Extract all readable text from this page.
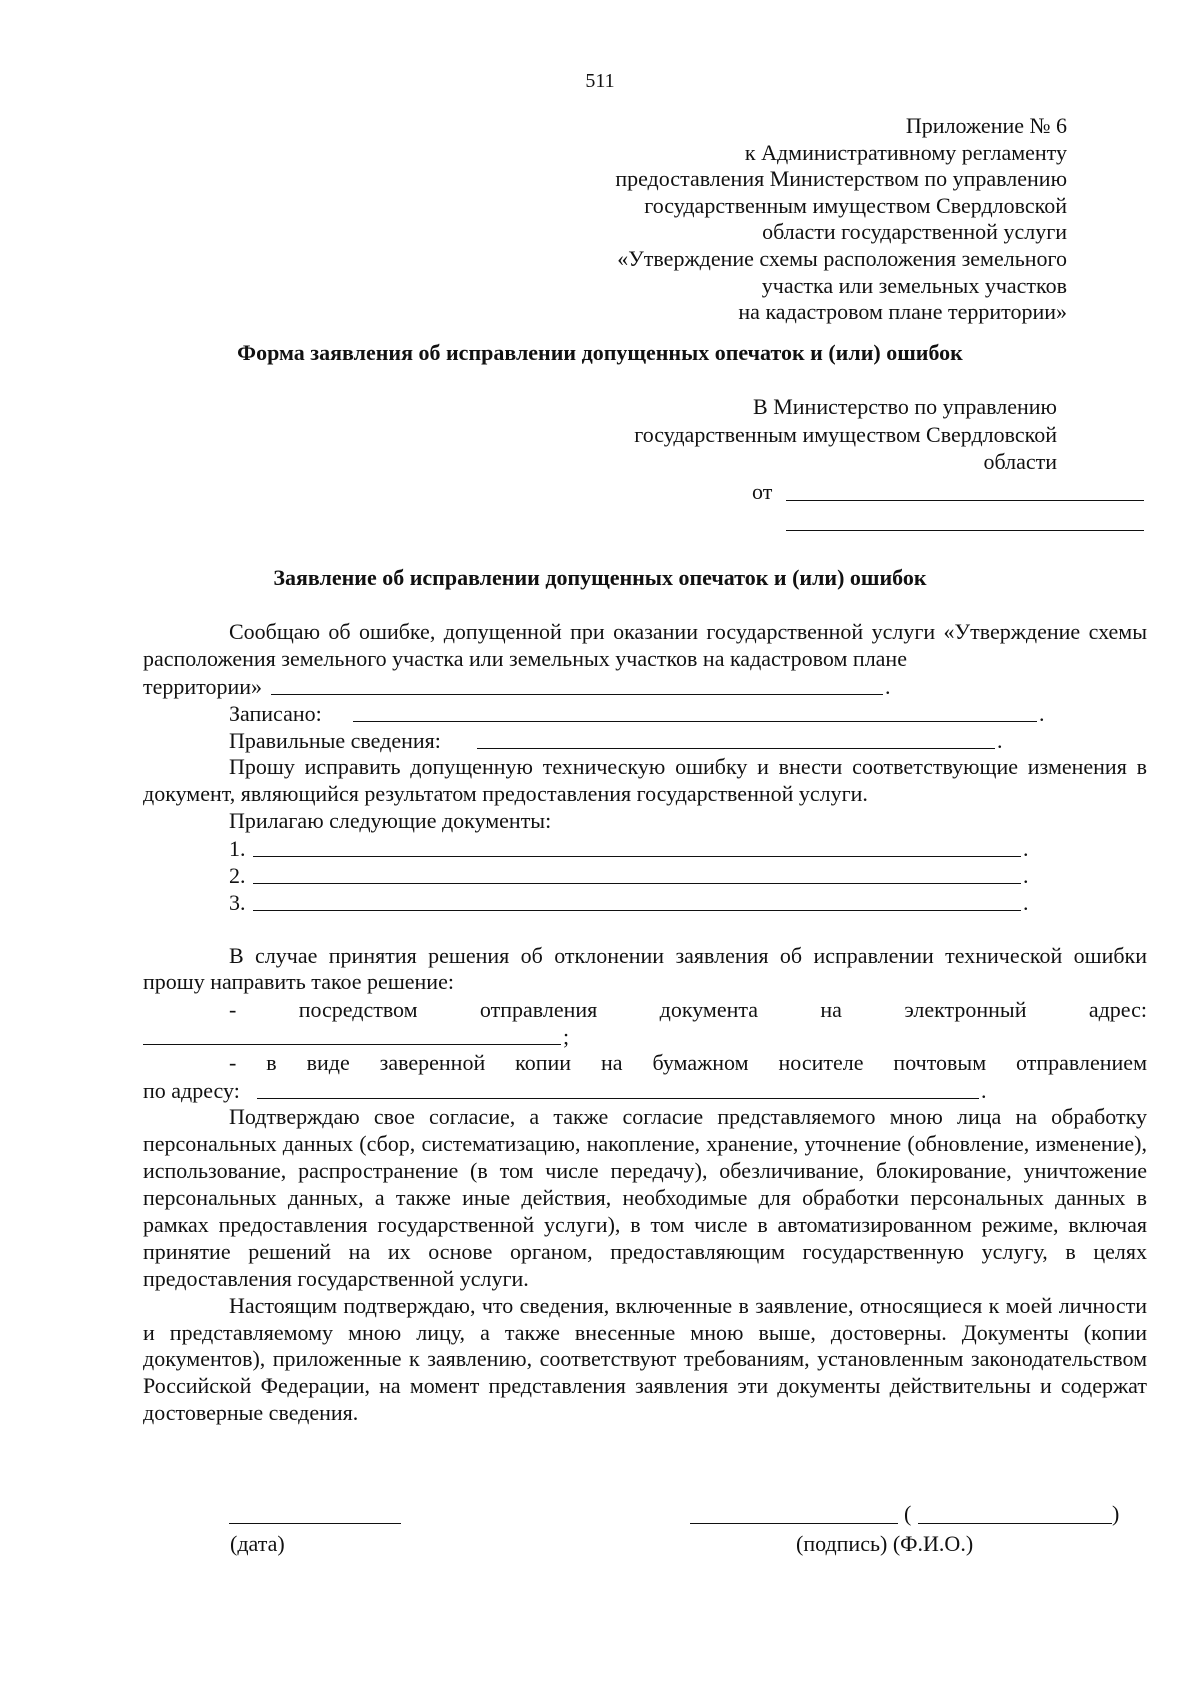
511
Приложение № 6
к Административному регламенту
предоставления Министерством по управлению
государственным имуществом Свердловской
области государственной услуги
«Утверждение схемы расположения земельного
участка или земельных участков
на кадастровом плане территории»
Форма заявления об исправлении допущенных опечаток и (или) ошибок
В Министерство по управлению
государственным имуществом Свердловской
области
от
Заявление об исправлении допущенных опечаток и (или) ошибок

Сообщаю об ошибке, допущенной при оказании государственной услуги «Утверждение схемы расположения земельного участка или земельных участков на кадастровом плане

территории»	.
Записано:	.
Правильные сведения:	.

Прошу исправить допущенную техническую ошибку и внести соответствующие изменения в документ, являющийся результатом предоставления государственной услуги.

Прилагаю следующие документы:

1.	.
2.	.
3.	.

В случае принятия решения об отклонении заявления об исправлении технической ошибки прошу направить такое решение:

-	посредством	отправления	документа	на	электронный	адрес:
;

- в виде заверенной копии на бумажном носителе почтовым отправлением

по адресу:	.

Подтверждаю свое согласие, а также согласие представляемого мною лица на обработку персональных данных (сбор, систематизацию, накопление, хранение, уточнение (обновление, изменение), использование, распространение (в том числе передачу), обезличивание, блокирование, уничтожение персональных данных, а также иные действия, необходимые для обработки персональных данных в рамках предоставления государственной услуги), в том числе в автоматизированном режиме, включая принятие решений на их основе органом, предоставляющим государственную услугу, в целях предоставления государственной услуги.

Настоящим подтверждаю, что сведения, включенные в заявление, относящиеся к моей личности и представляемому мною лицу, а также внесенные мною выше, достоверны. Документы (копии документов), приложенные к заявлению, соответствуют требованиям, установленным законодательством Российской Федерации, на момент представления заявления эти документы действительны и содержат достоверные сведения.

(	)
(дата)	(подпись) (Ф.И.О.)
